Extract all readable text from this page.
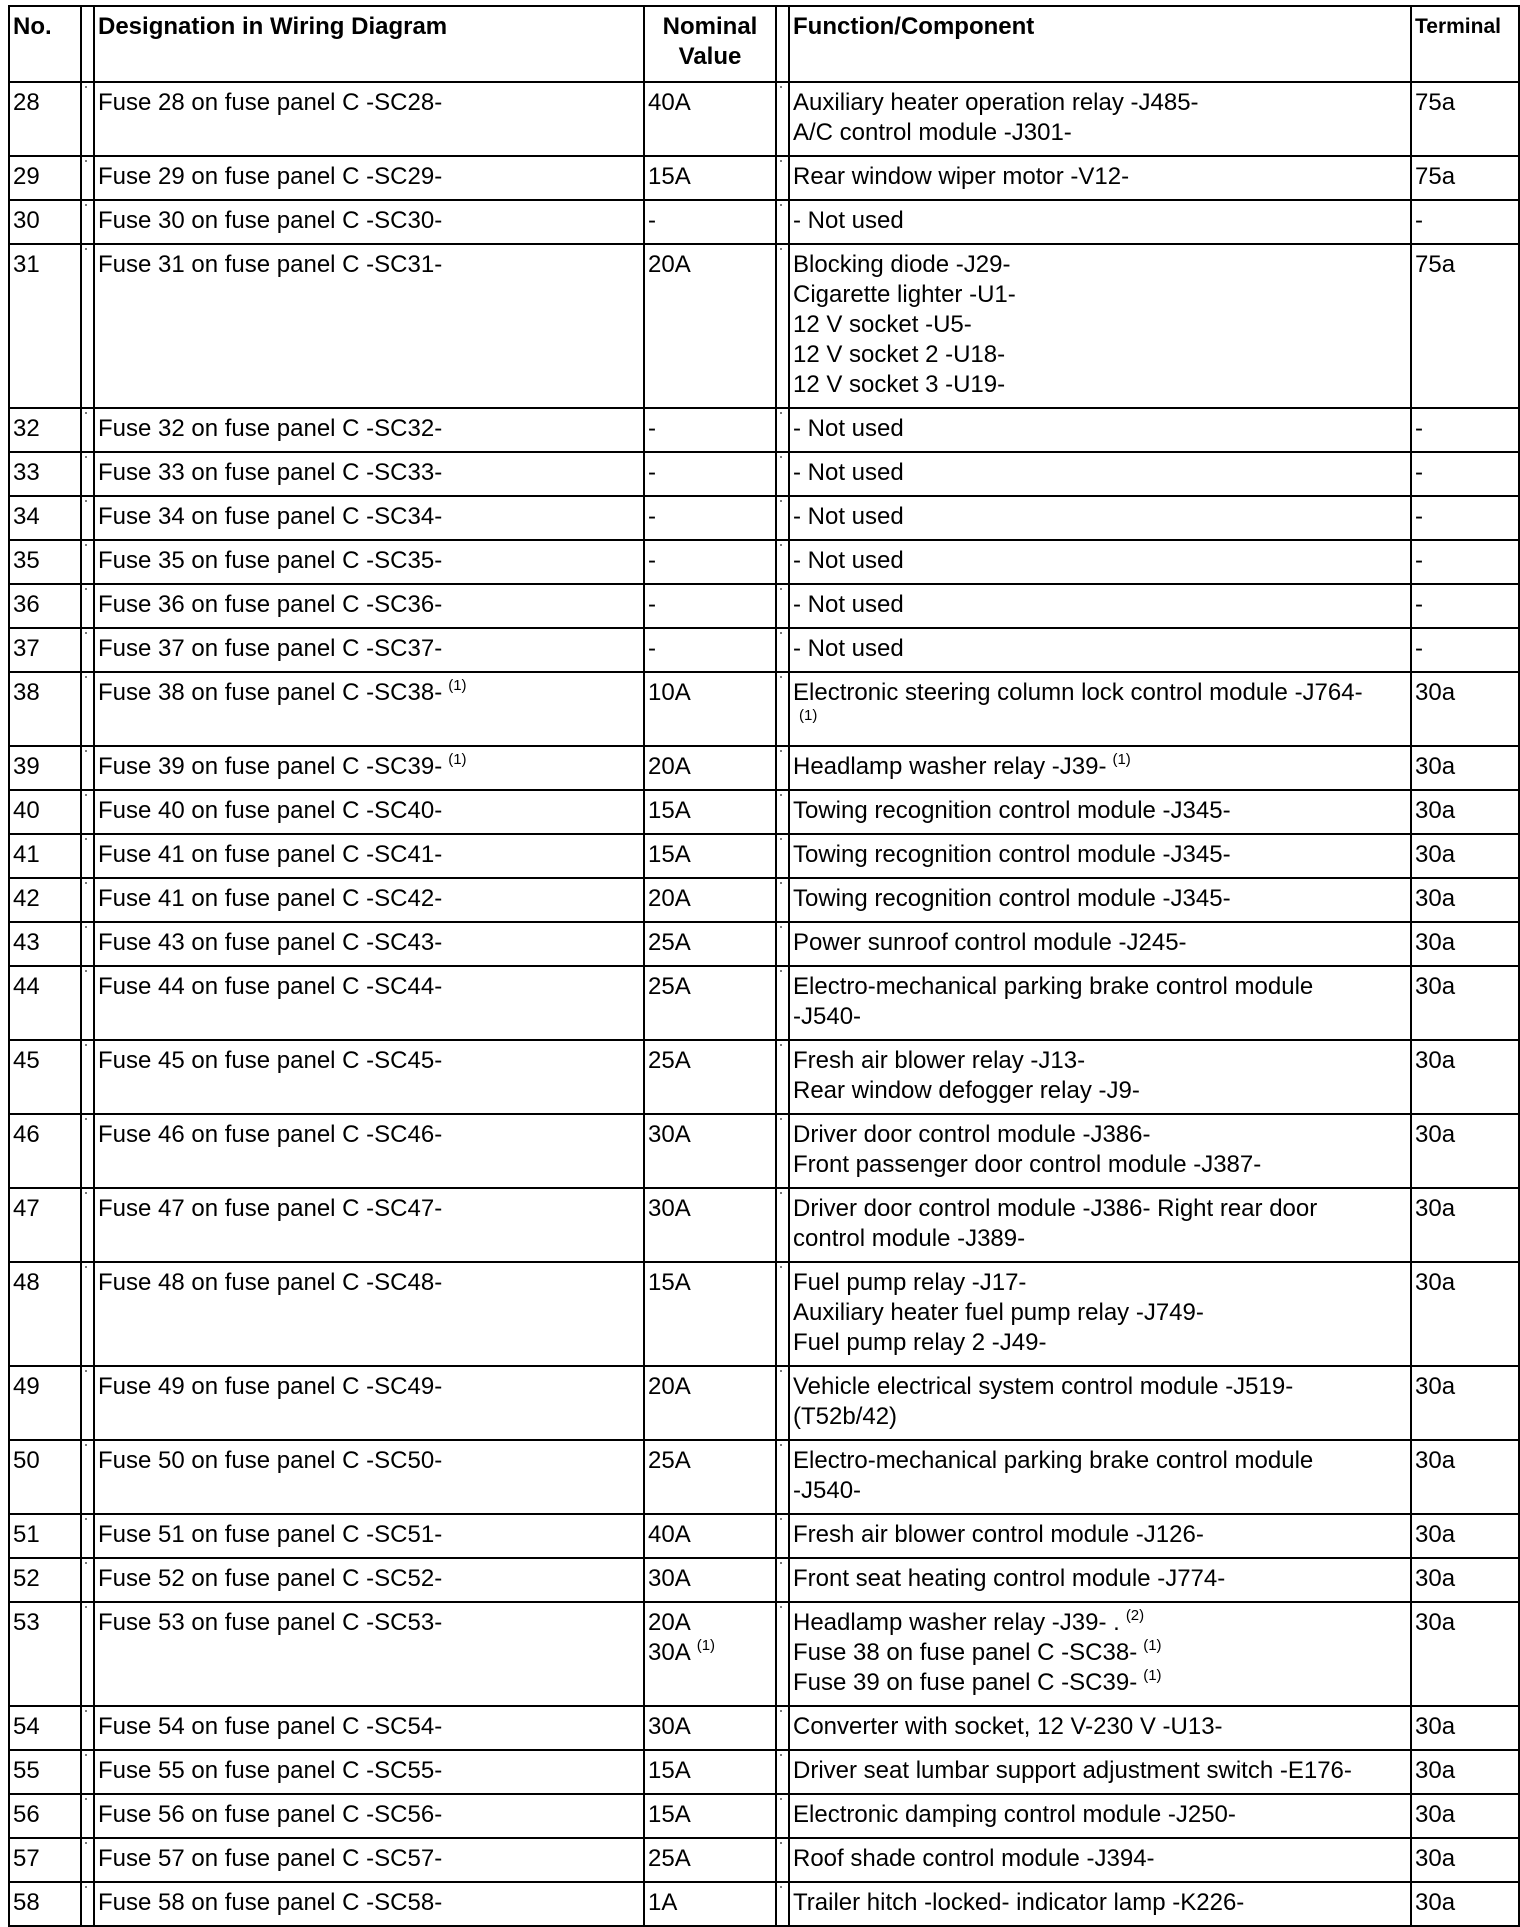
No.		Designation in Wiring Diagram	Nominal
Value		Function/Component	Terminal
28		Fuse 28 on fuse panel C -SC28-	40A		Auxiliary heater operation relay -J485-
A/C control module -J301-	75a
29		Fuse 29 on fuse panel C -SC29-	15A		Rear window wiper motor -V12-	75a
30		Fuse 30 on fuse panel C -SC30-	-		- Not used	-
31		Fuse 31 on fuse panel C -SC31-	20A		Blocking diode -J29-
Cigarette lighter -U1-
12 V socket -U5-
12 V socket 2 -U18-
12 V socket 3 -U19-	75a
32		Fuse 32 on fuse panel C -SC32-	-		- Not used	-
33		Fuse 33 on fuse panel C -SC33-	-		- Not used	-
34		Fuse 34 on fuse panel C -SC34-	-		- Not used	-
35		Fuse 35 on fuse panel C -SC35-	-		- Not used	-
36		Fuse 36 on fuse panel C -SC36-	-		- Not used	-
37		Fuse 37 on fuse panel C -SC37-	-		- Not used	-
38		Fuse 38 on fuse panel C -SC38- $^{(1)}$	10A		Electronic steering column lock control module -J764-
$^{(1)}$	30a
39		Fuse 39 on fuse panel C -SC39- $^{(1)}$	20A		Headlamp washer relay -J39- $^{(1)}$	30a
40		Fuse 40 on fuse panel C -SC40-	15A		Towing recognition control module -J345-	30a
41		Fuse 41 on fuse panel C -SC41-	15A		Towing recognition control module -J345-	30a
42		Fuse 41 on fuse panel C -SC42-	20A		Towing recognition control module -J345-	30a
43		Fuse 43 on fuse panel C -SC43-	25A		Power sunroof control module -J245-	30a
44		Fuse 44 on fuse panel C -SC44-	25A		Electro-mechanical parking brake control module
-J540-	30a
45		Fuse 45 on fuse panel C -SC45-	25A		Fresh air blower relay -J13-
Rear window defogger relay -J9-	30a
46		Fuse 46 on fuse panel C -SC46-	30A		Driver door control module -J386-
Front passenger door control module -J387-	30a
47		Fuse 47 on fuse panel C -SC47-	30A		Driver door control module -J386- Right rear door
control module -J389-	30a
48		Fuse 48 on fuse panel C -SC48-	15A		Fuel pump relay -J17-
Auxiliary heater fuel pump relay -J749-
Fuel pump relay 2 -J49-	30a
49		Fuse 49 on fuse panel C -SC49-	20A		Vehicle electrical system control module -J519-
(T52b/42)	30a
50		Fuse 50 on fuse panel C -SC50-	25A		Electro-mechanical parking brake control module
-J540-	30a
51		Fuse 51 on fuse panel C -SC51-	40A		Fresh air blower control module -J126-	30a
52		Fuse 52 on fuse panel C -SC52-	30A		Front seat heating control module -J774-	30a
53		Fuse 53 on fuse panel C -SC53-	20A
30A $^{(1)}$		Headlamp washer relay -J39- . $^{(2)}$
Fuse 38 on fuse panel C -SC38- $^{(1)}$
Fuse 39 on fuse panel C -SC39- $^{(1)}$	30a
54		Fuse 54 on fuse panel C -SC54-	30A		Converter with socket, 12 V-230 V -U13-	30a
55		Fuse 55 on fuse panel C -SC55-	15A		Driver seat lumbar support adjustment switch -E176-	30a
56		Fuse 56 on fuse panel C -SC56-	15A		Electronic damping control module -J250-	30a
57		Fuse 57 on fuse panel C -SC57-	25A		Roof shade control module -J394-	30a
58		Fuse 58 on fuse panel C -SC58-	1A		Trailer hitch -locked- indicator lamp -K226-	30a
